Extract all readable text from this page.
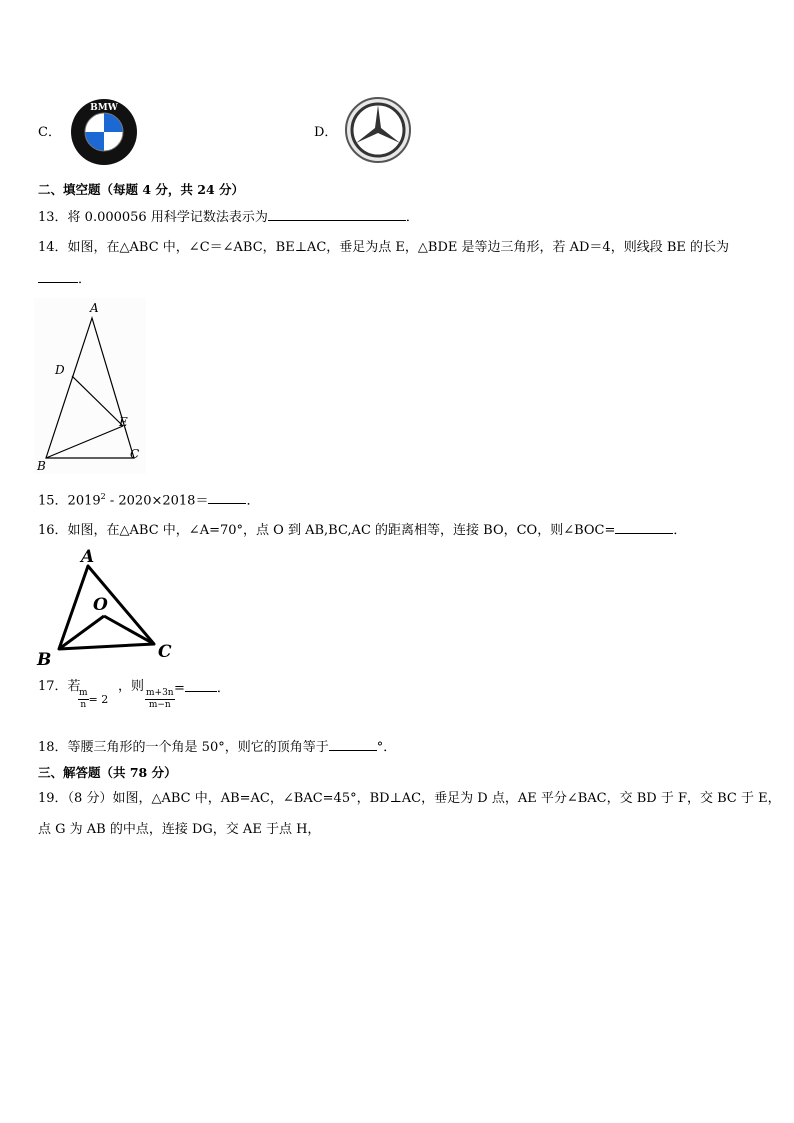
C．
BMW
D．
二、填空题（每题 4 分，共 24 分）
13．将 0.000056 用科学记数法表示为	．
14．如图，在△ABC 中，∠C＝∠ABC，BE⊥AC，垂足为点 E，△BDE 是等边三角形，若 AD＝4，则线段 BE 的长为
．
A
D
E
B
C
15．2019$^2$ - 2020×2018＝	．
16．如图，在△ABC 中，∠A=70°，点 O 到 AB,BC,AC 的距离相等，连接 BO，CO，则∠BOC=	．
A
O
B	C
17．若
$\frac{m}{n} = 2$
，则
$\frac{m+3n}{m-n}$ = ．
18．等腰三角形的一个角是 50°，则它的顶角等于	°．
三、解答题（共 78 分）
19．（8 分）如图，△ABC 中，AB=AC，∠BAC=45°，BD⊥AC，垂足为 D 点，AE 平分∠BAC，交 BD 于 F，交 BC 于 E，
点 G 为 AB 的中点，连接 DG，交 AE 于点 H，
